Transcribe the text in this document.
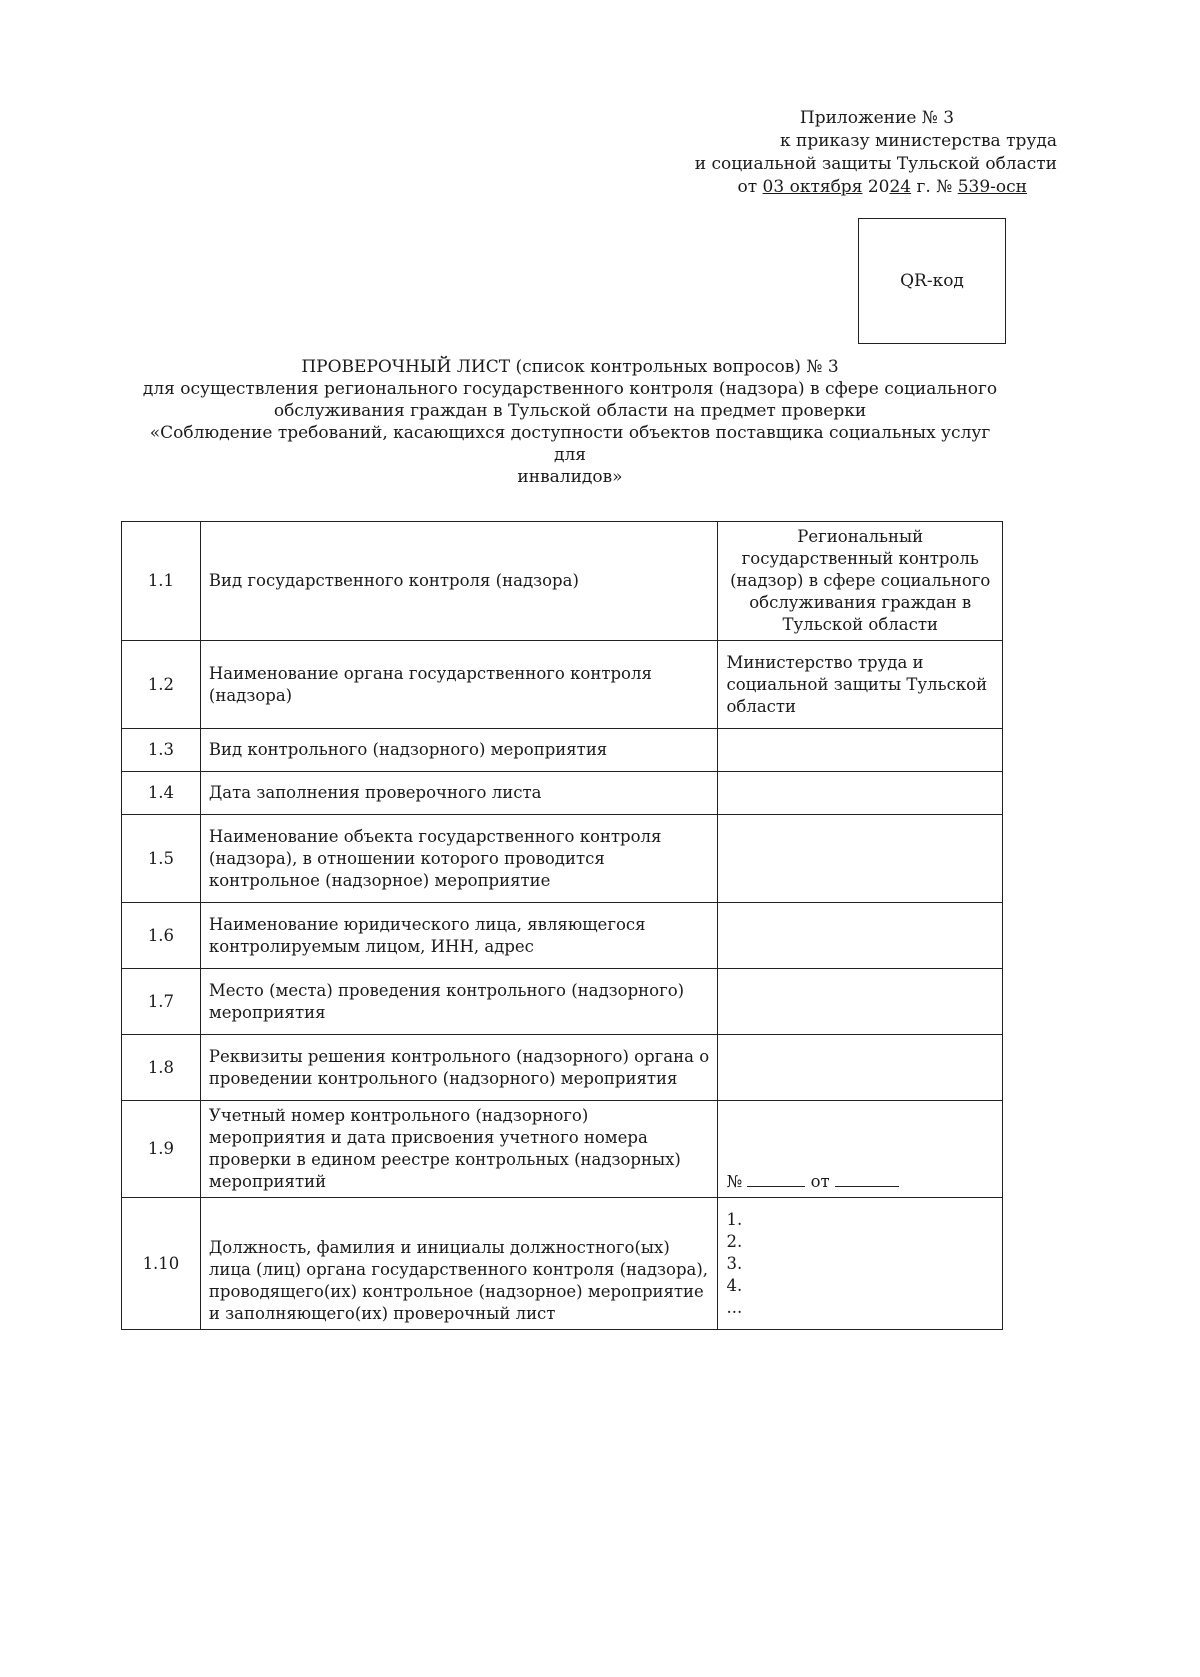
Приложение № 3
к приказу министерства труда
и социальной защиты Тульской области
от 03 октября 2024 г. № 539-осн
QR-код
ПРОВЕРОЧНЫЙ ЛИСТ (список контрольных вопросов) № 3
для осуществления регионального государственного контроля (надзора) в сфере социального
обслуживания граждан в Тульской области на предмет проверки
«Соблюдение требований, касающихся доступности объектов поставщика социальных услуг для
инвалидов»
1.1	Вид государственного контроля (надзора)	Региональный государственный контроль (надзор) в сфере социального обслуживания граждан в Тульской области
1.2	Наименование органа государственного контроля (надзора)	Министерство труда и социальной защиты Тульской области
1.3	Вид контрольного (надзорного) мероприятия	
1.4	Дата заполнения проверочного листа	
1.5	Наименование объекта государственного контроля (надзора), в отношении которого проводится контрольное (надзорное) мероприятие	
1.6	Наименование юридического лица, являющегося контролируемым лицом, ИНН, адрес	
1.7	Место (места) проведения контрольного (надзорного) мероприятия	
1.8	Реквизиты решения контрольного (надзорного) органа о проведении контрольного (надзорного) мероприятия	
1.9	Учетный номер контрольного (надзорного) мероприятия и дата присвоения учетного номера проверки в едином реестре контрольных (надзорных) мероприятий	№ от
1.10	Должность, фамилия и инициалы должностного(ых) лица (лиц) органа государственного контроля (надзора), проводящего(их) контрольное (надзорное) мероприятие и заполняющего(их) проверочный лист	1.
2.
3.
4.
...
